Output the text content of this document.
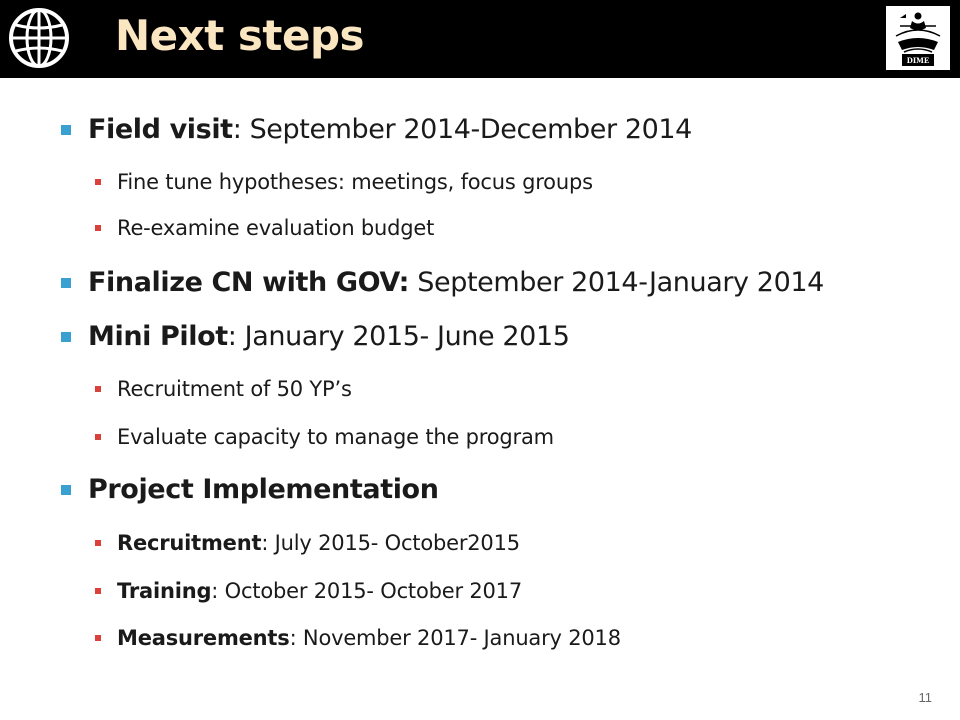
Next steps
DIME
Field visit: September 2014-December 2014
Fine tune hypotheses: meetings, focus groups
Re-examine evaluation budget
Finalize CN with GOV: September 2014-January 2014
Mini Pilot: January 2015- June 2015
Recruitment of 50 YP’s
Evaluate capacity to manage the program
Project Implementation
Recruitment: July 2015- October2015
Training: October 2015- October 2017
Measurements: November 2017- January 2018
11
